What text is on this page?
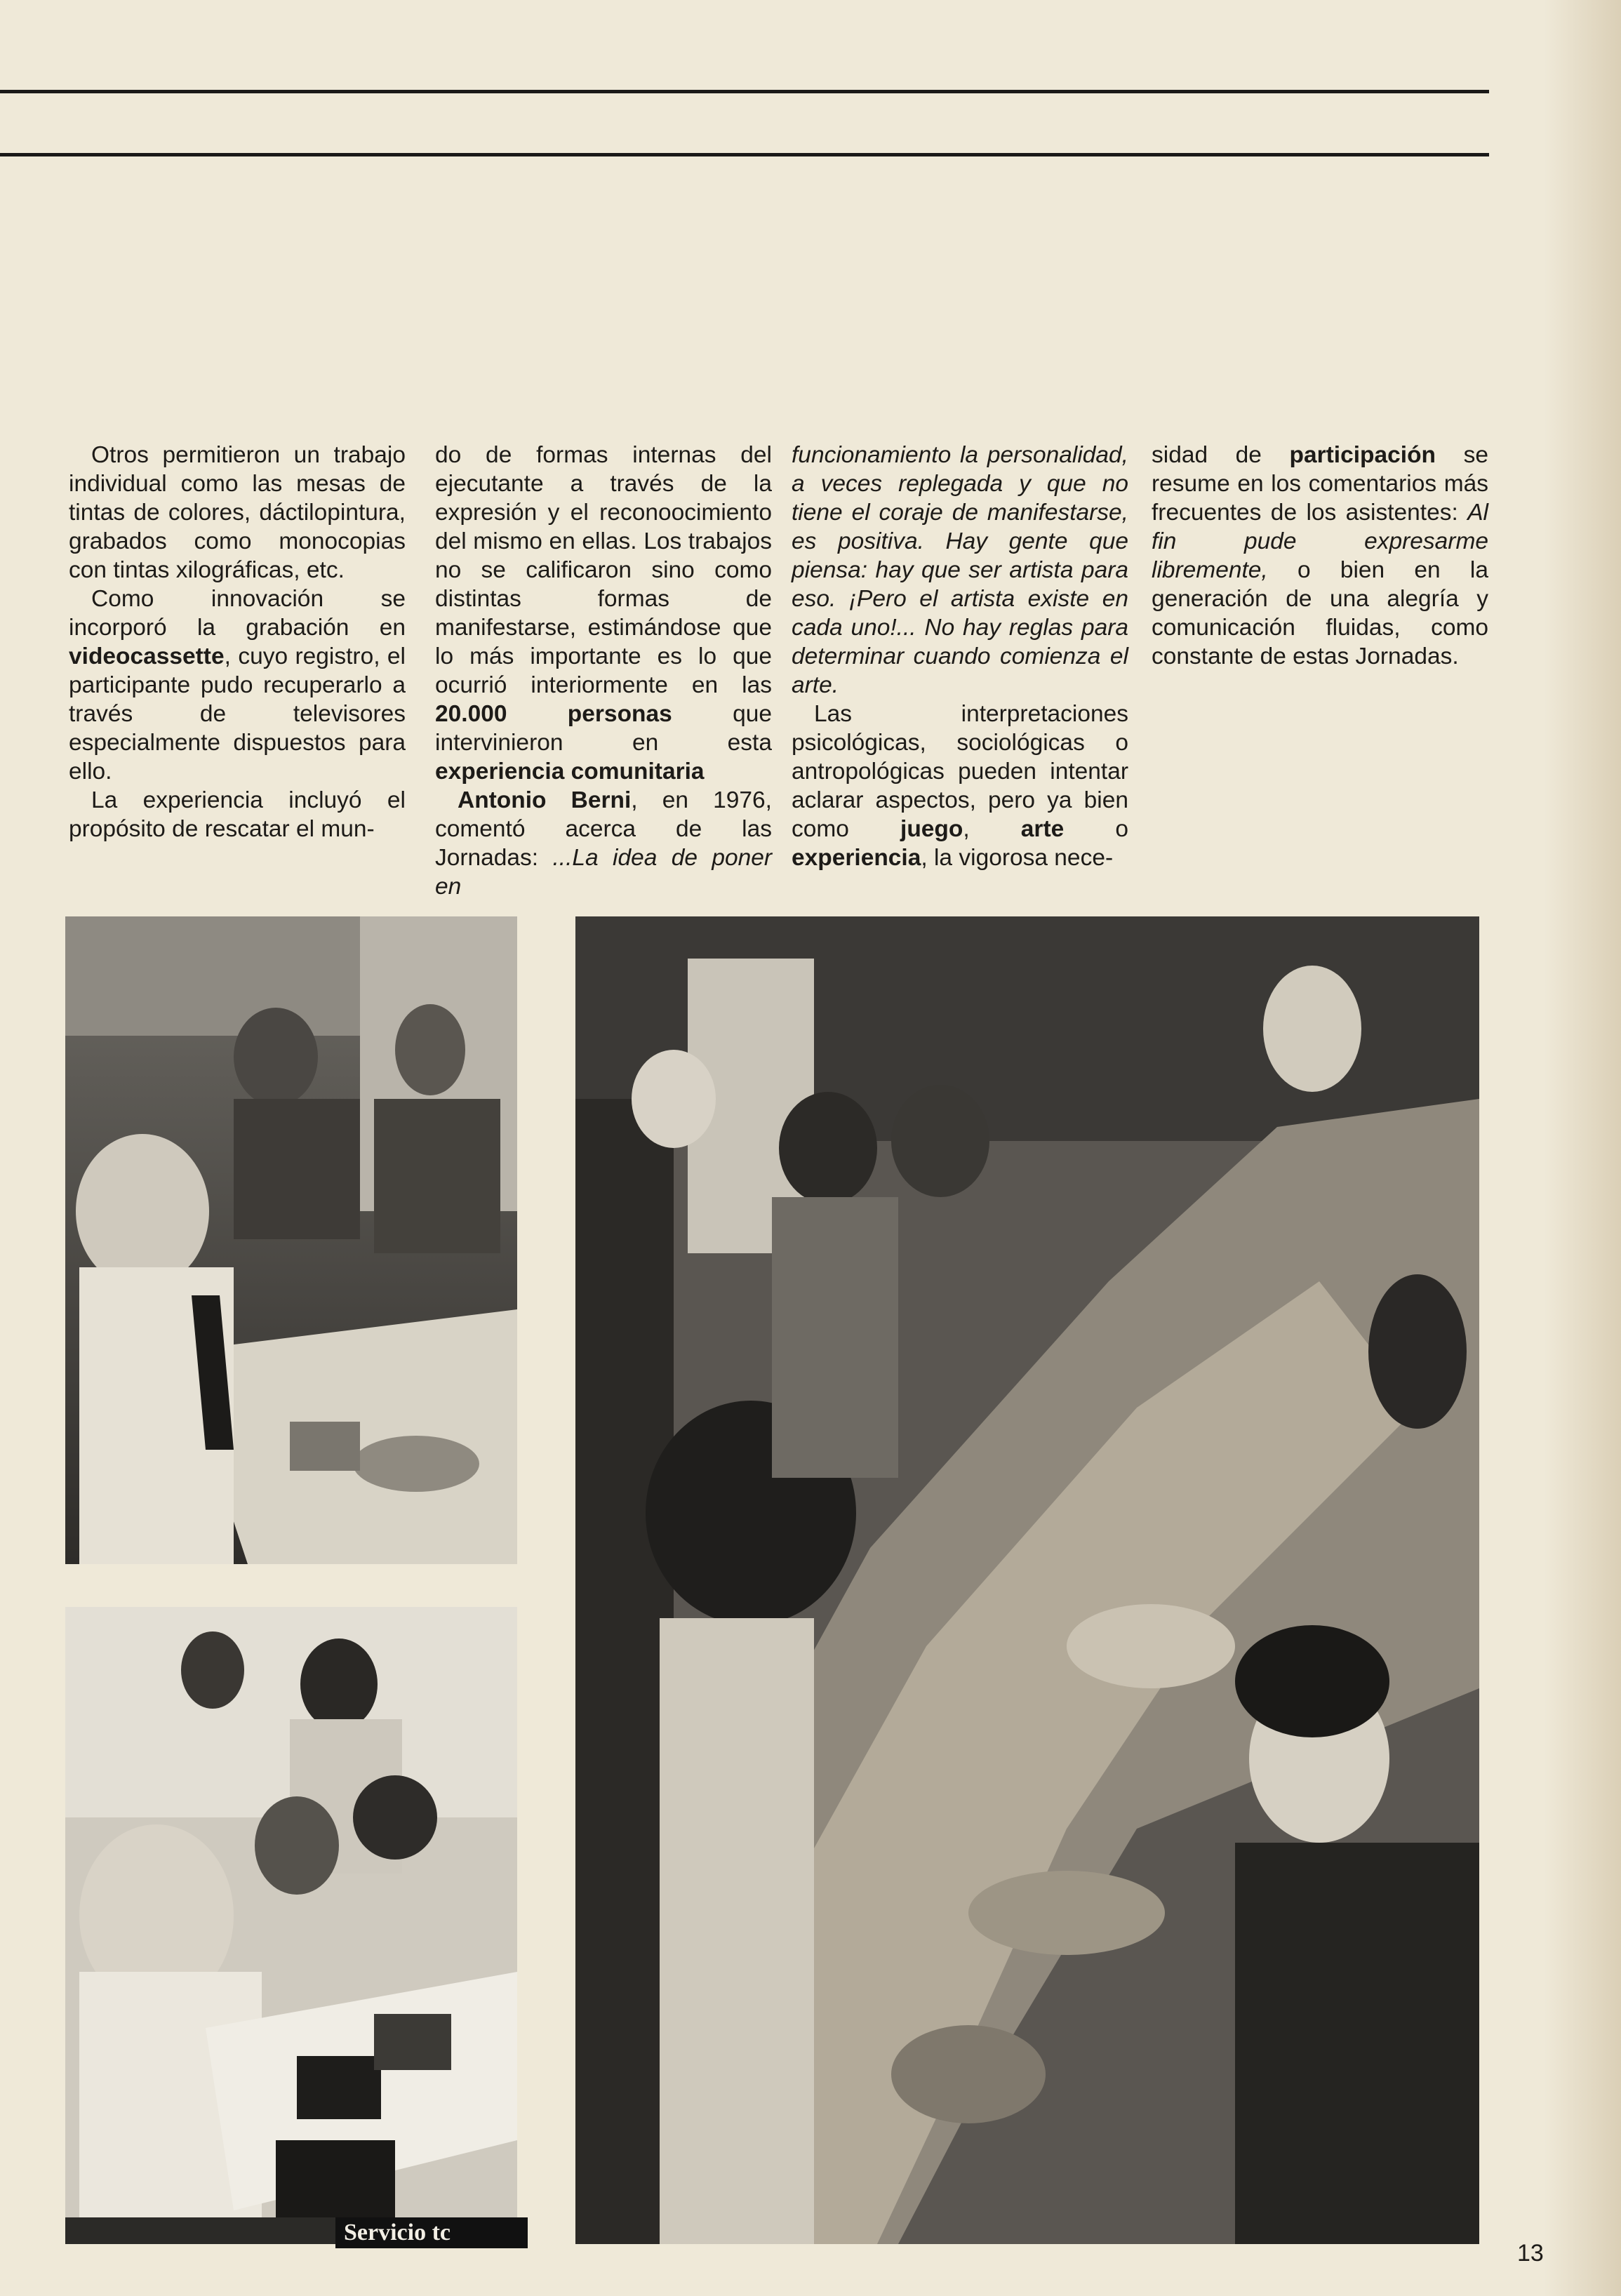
Otros permitieron un trabajo individual como las mesas de tintas de colores, dáctilopintura, grabados como monocopias con tintas xilográficas, etc.

Como innovación se incorporó la grabación en videocassette, cuyo registro, el participante pudo recuperarlo a través de televisores especialmente dispuestos para ello.

La experiencia incluyó el propósito de rescatar el mun-

do de formas internas del ejecutante a través de la expresión y el reconoocimiento del mismo en ellas. Los trabajos no se calificaron sino como distintas formas de manifestarse, estimándose que lo más importante es lo que ocurrió interiormente en las 20.000 personas que intervinieron en esta experiencia comunitaria

Antonio Berni, en 1976, comentó acerca de las Jornadas: ...La idea de poner en

funcionamiento la personalidad, a veces replegada y que no tiene el coraje de manifestarse, es positiva. Hay gente que piensa: hay que ser artista para eso. ¡Pero el artista existe en cada uno!... No hay reglas para determinar cuando comienza el arte.

Las interpretaciones psicológicas, sociológicas o antropológicas pueden intentar aclarar aspectos, pero ya bien como juego, arte o experiencia, la vigorosa nece-

sidad de participación se resume en los comentarios más frecuentes de los asistentes: Al fin pude expresarme libremente, o bien en la generación de una alegría y comunicación fluidas, como constante de estas Jornadas.

Servicio tc
13
